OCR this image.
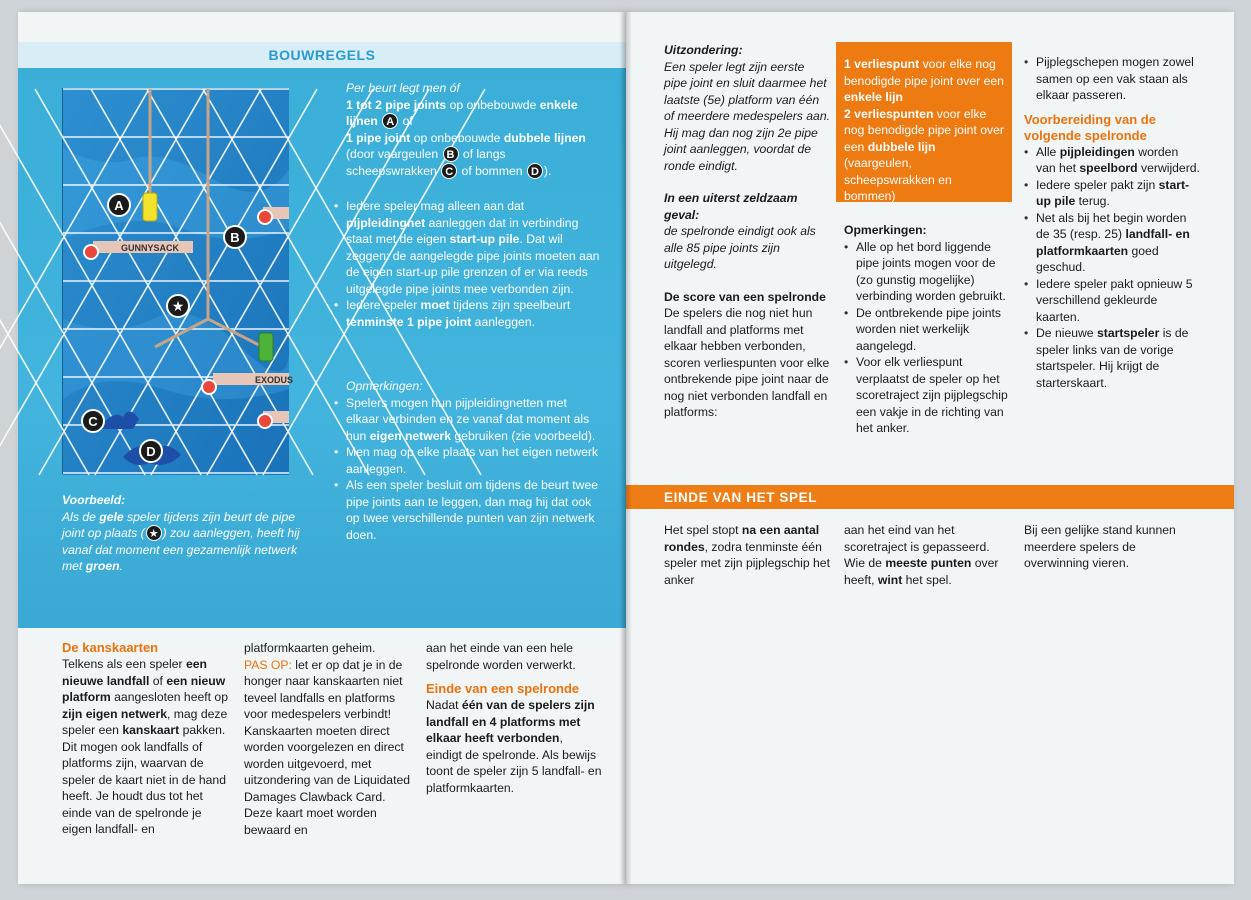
BOUWREGELS
GUNNYSACK
EXODUS
★
A
B
C
D
Per beurt legt men óf
1 tot 2 pipe joints op onbebouwde enkele lijnen A of
1 pipe joint op onbebouwde dubbele lijnen (door vaargeulen B of langs scheepswrakken C of bommen D ).
• Iedere speler mag alleen aan dat pijpleidingnet aanleggen dat in verbinding staat met de eigen start-up pile. Dat wil zeggen: de aangelegde pipe joints moeten aan de eigen start-up pile grenzen of er via reeds uitgelegde pipe joints mee verbonden zijn.
• Iedere speler moet tijdens zijn speelbeurt tenminste 1 pipe joint aanleggen.
Opmerkingen:
• Spelers mogen hun pijpleidingnetten met elkaar verbinden en ze vanaf dat moment als hun eigen netwerk gebruiken (zie voorbeeld).
• Men mag op elke plaats van het eigen netwerk aanleggen.
• Als een speler besluit om tijdens de beurt twee pipe joints aan te leggen, dan mag hij dat ook op twee verschillende punten van zijn netwerk doen.
Voorbeeld:
Als de gele speler tijdens zijn beurt de pipe joint op plaats ( ★ ) zou aanleggen, heeft hij vanaf dat moment een gezamenlijk netwerk met groen.
De kanskaarten
Telkens als een speler een nieuwe landfall of een nieuw platform aangesloten heeft op zijn eigen netwerk, mag deze speler een kanskaart pakken. Dit mogen ook landfalls of platforms zijn, waarvan de speler de kaart niet in de hand heeft. Je houdt dus tot het einde van de spelronde je eigen landfall- en
platformkaarten geheim.
PAS OP: let er op dat je in de honger naar kanskaarten niet teveel landfalls en platforms voor medespelers verbindt!
Kanskaarten moeten direct worden voorgelezen en direct worden uitgevoerd, met uitzondering van de Liquidated Damages Clawback Card. Deze kaart moet worden bewaard en
aan het einde van een hele spelronde worden verwerkt.
Einde van een spelronde
Nadat één van de spelers zijn landfall en 4 platforms met elkaar heeft verbonden, eindigt de spelronde. Als bewijs toont de speler zijn 5 landfall- en platformkaarten.
Uitzondering:
Een speler legt zijn eerste pipe joint en sluit daarmee het laatste (5e) platform van één of meerdere medespelers aan. Hij mag dan nog zijn 2e pipe joint aanleggen, voordat de ronde eindigt.
In een uiterst zeldzaam geval:
de spelronde eindigt ook als alle 85 pipe joints zijn uitgelegd.
De score van een spelronde
De spelers die nog niet hun landfall and platforms met elkaar hebben verbonden, scoren verliespunten voor elke ontbrekende pipe joint naar de nog niet verbonden landfall en platforms:
1 verliespunt voor elke nog benodigde pipe joint over een enkele lijn
2 verliespunten voor elke nog benodigde pipe joint over een dubbele lijn (vaargeulen, scheepswrakken en bommen)
Opmerkingen:
• Alle op het bord liggende pipe joints mogen voor de (zo gunstig mogelijke) verbinding worden gebruikt.
• De ontbrekende pipe joints worden niet werkelijk aangelegd.
• Voor elk verliespunt verplaatst de speler op het scoretraject zijn pijplegschip een vakje in de richting van het anker.
• Pijplegschepen mogen zowel samen op een vak staan als elkaar passeren.
Voorbereiding van de volgende spelronde
• Alle pijpleidingen worden van het speelbord verwijderd.
• Iedere speler pakt zijn start-up pile terug.
• Net als bij het begin worden de 35 (resp. 25) landfall- en platformkaarten goed geschud.
• Iedere speler pakt opnieuw 5 verschillend gekleurde kaarten.
• De nieuwe startspeler is de speler links van de vorige startspeler. Hij krijgt de starterskaart.
EINDE VAN HET SPEL
Het spel stopt na een aantal rondes, zodra tenminste één speler met zijn pijplegschip het anker
aan het eind van het scoretraject is gepasseerd. Wie de meeste punten over heeft, wint het spel.
Bij een gelijke stand kunnen meerdere spelers de overwinning vieren.
